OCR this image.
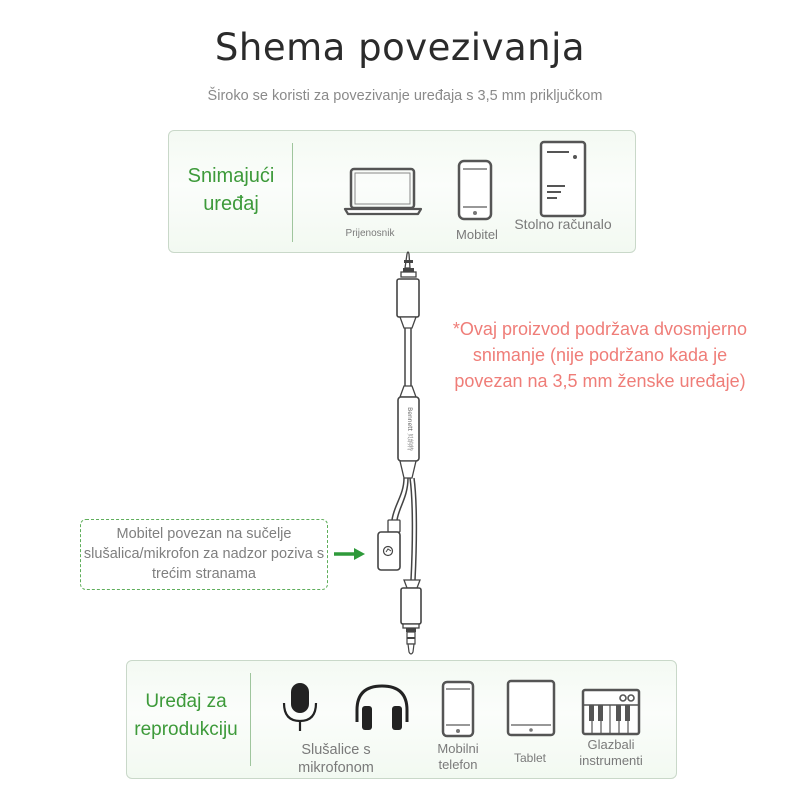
Shema povezivanja
Široko se koristi za povezivanje uređaja s 3,5 mm priključkom
Snimajući
uređaj
Prijenosnik	Mobitel
Stolno računalo
Bennett 贝纳特
*Ovaj proizvod podržava dvosmjerno snimanje (nije podržano kada je povezan na 3,5 mm ženske uređaje)
Mobitel povezan na sučelje slušalica/mikrofon za nadzor poziva s trećim stranama
Uređaj za
reprodukciju
Slušalice s mikrofonom
Mobilni telefon	Tablet
Glazbali instrumenti
